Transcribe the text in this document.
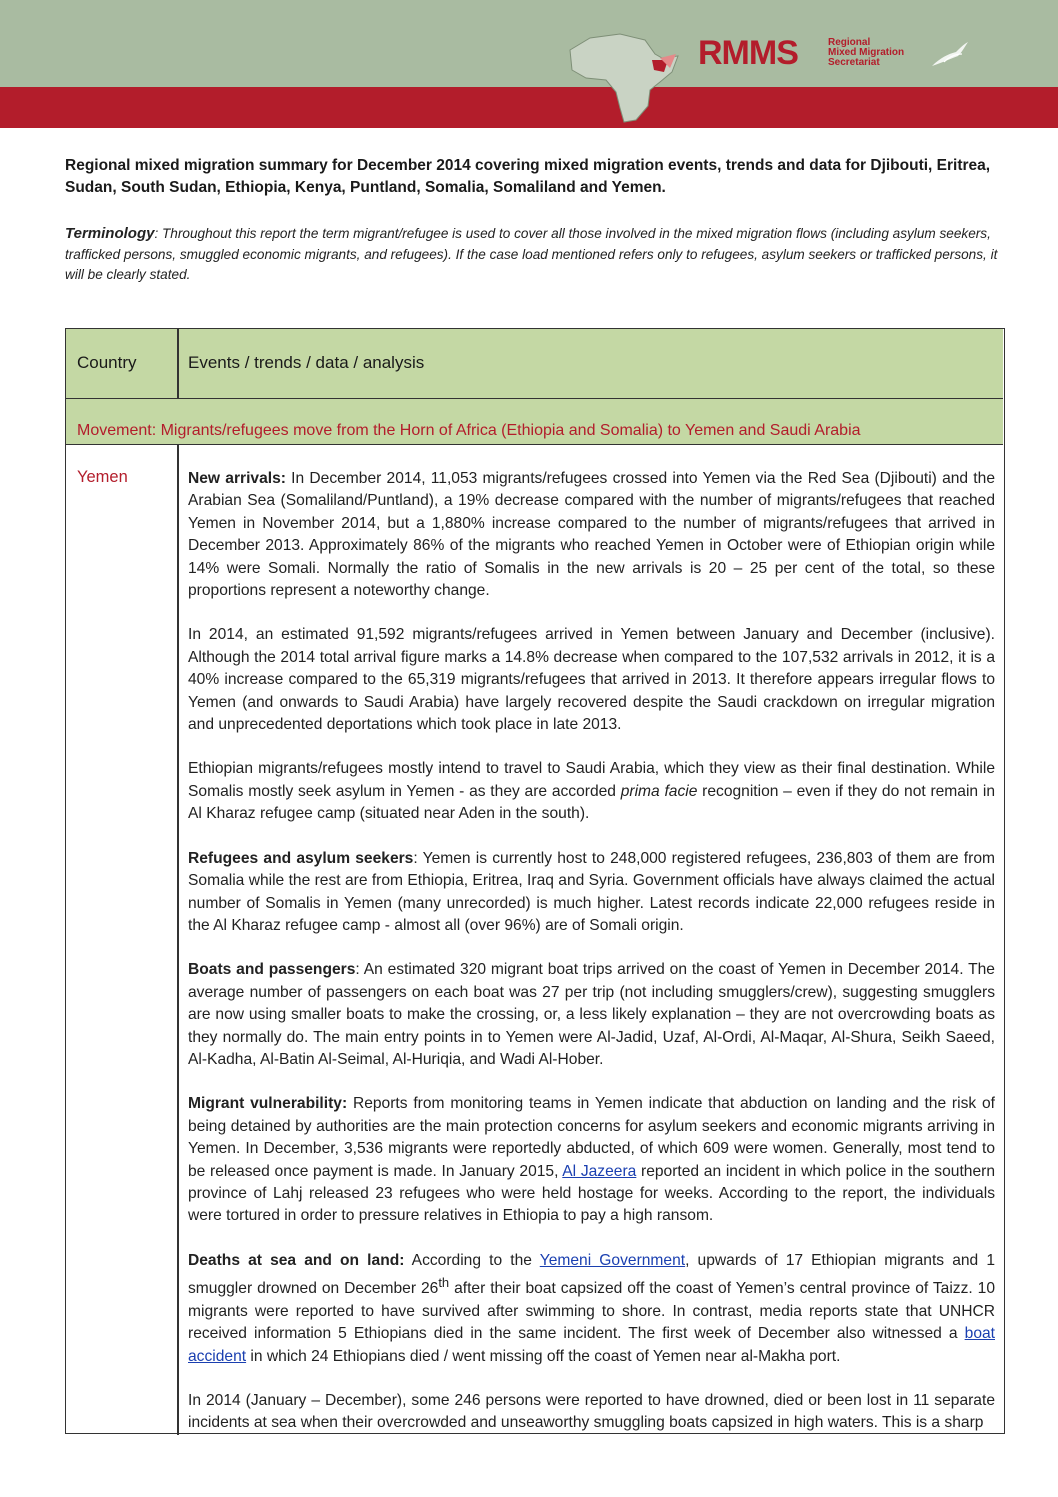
RMMS	Regional
Mixed Migration
Secretariat

Regional mixed migration summary for December 2014 covering mixed migration events, trends and data for Djibouti, Eritrea, Sudan, South Sudan, Ethiopia, Kenya, Puntland, Somalia, Somaliland and Yemen.

Terminology: Throughout this report the term migrant/refugee is used to cover all those involved in the mixed migration flows (including asylum seekers, trafficked persons, smuggled economic migrants, and refugees). If the case load mentioned refers only to refugees, asylum seekers or trafficked persons, it will be clearly stated.

Country	Events / trends / data / analysis
Movement: Migrants/refugees move from the Horn of Africa (Ethiopia and Somalia) to Yemen and Saudi Arabia
Yemen	New arrivals: In December 2014, 11,053 migrants/refugees crossed into Yemen via the Red Sea (Djibouti) and the Arabian Sea (Somaliland/Puntland), a 19% decrease compared with the number of migrants/refugees that reached Yemen in November 2014, but a 1,880% increase compared to the number of migrants/refugees that arrived in December 2013. Approximately 86% of the migrants who reached Yemen in October were of Ethiopian origin while 14% were Somali. Normally the ratio of Somalis in the new arrivals is 20 – 25 per cent of the total, so these proportions represent a noteworthy change.

In 2014, an estimated 91,592 migrants/refugees arrived in Yemen between January and December (inclusive). Although the 2014 total arrival figure marks a 14.8% decrease when compared to the 107,532 arrivals in 2012, it is a 40% increase compared to the 65,319 migrants/refugees that arrived in 2013. It therefore appears irregular flows to Yemen (and onwards to Saudi Arabia) have largely recovered despite the Saudi crackdown on irregular migration and unprecedented deportations which took place in late 2013.

Ethiopian migrants/refugees mostly intend to travel to Saudi Arabia, which they view as their final destination. While Somalis mostly seek asylum in Yemen - as they are accorded prima facie recognition – even if they do not remain in Al Kharaz refugee camp (situated near Aden in the south).

Refugees and asylum seekers: Yemen is currently host to 248,000 registered refugees, 236,803 of them are from Somalia while the rest are from Ethiopia, Eritrea, Iraq and Syria. Government officials have always claimed the actual number of Somalis in Yemen (many unrecorded) is much higher. Latest records indicate 22,000 refugees reside in the Al Kharaz refugee camp - almost all (over 96%) are of Somali origin.

Boats and passengers: An estimated 320 migrant boat trips arrived on the coast of Yemen in December 2014. The average number of passengers on each boat was 27 per trip (not including smugglers/crew), suggesting smugglers are now using smaller boats to make the crossing, or, a less likely explanation – they are not overcrowding boats as they normally do. The main entry points in to Yemen were Al-Jadid, Uzaf, Al-Ordi, Al-Maqar, Al-Shura, Seikh Saeed, Al-Kadha, Al-Batin Al-Seimal, Al-Huriqia, and Wadi Al-Hober.

Migrant vulnerability: Reports from monitoring teams in Yemen indicate that abduction on landing and the risk of being detained by authorities are the main protection concerns for asylum seekers and economic migrants arriving in Yemen. In December, 3,536 migrants were reportedly abducted, of which 609 were women. Generally, most tend to be released once payment is made. In January 2015, Al Jazeera reported an incident in which police in the southern province of Lahj released 23 refugees who were held hostage for weeks. According to the report, the individuals were tortured in order to pressure relatives in Ethiopia to pay a high ransom.

Deaths at sea and on land: According to the Yemeni Government, upwards of 17 Ethiopian migrants and 1 smuggler drowned on December 26th after their boat capsized off the coast of Yemen’s central province of Taizz. 10 migrants were reported to have survived after swimming to shore. In contrast, media reports state that UNHCR received information 5 Ethiopians died in the same incident. The first week of December also witnessed a boat accident in which 24 Ethiopians died / went missing off the coast of Yemen near al-Makha port.

In 2014 (January – December), some 246 persons were reported to have drowned, died or been lost in 11 separate incidents at sea when their overcrowded and unseaworthy smuggling boats capsized in high waters. This is a sharp
